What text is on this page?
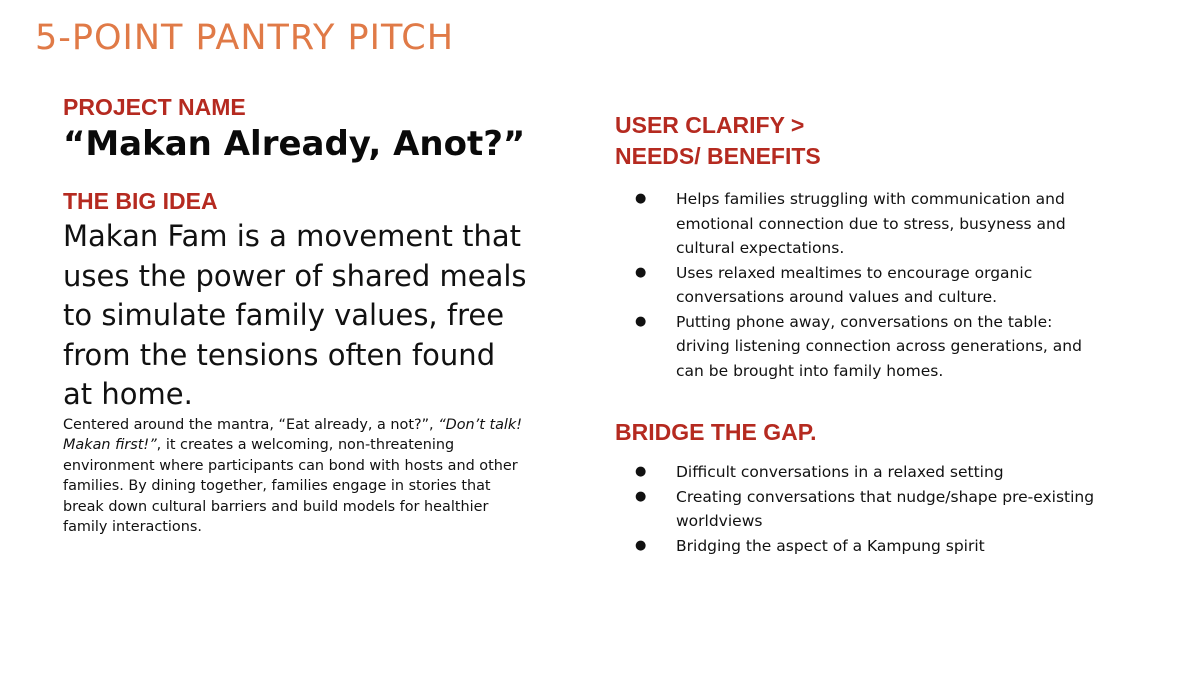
5-POINT PANTRY PITCH
PROJECT NAME

“Makan Already, Anot?”

THE BIG IDEA

Makan Fam is a movement that uses the power of shared meals to simulate family values, free from the tensions often found at home.

Centered around the mantra, “Eat already, a not?”, “Don’t talk! Makan first!”, it creates a welcoming, non-threatening environment where participants can bond with hosts and other families. By dining together, families engage in stories that break down cultural barriers and build models for healthier family interactions.

USER CLARIFY >
NEEDS/ BENEFITS
● Helps families struggling with communication and emotional connection due to stress, busyness and cultural expectations.
● Uses relaxed mealtimes to encourage organic conversations around values and culture.
● Putting phone away, conversations on the table: driving listening connection across generations, and can be brought into family homes.
BRIDGE THE GAP.
● Difficult conversations in a relaxed setting
● Creating conversations that nudge/shape pre-existing worldviews
● Bridging the aspect of a Kampung spirit
